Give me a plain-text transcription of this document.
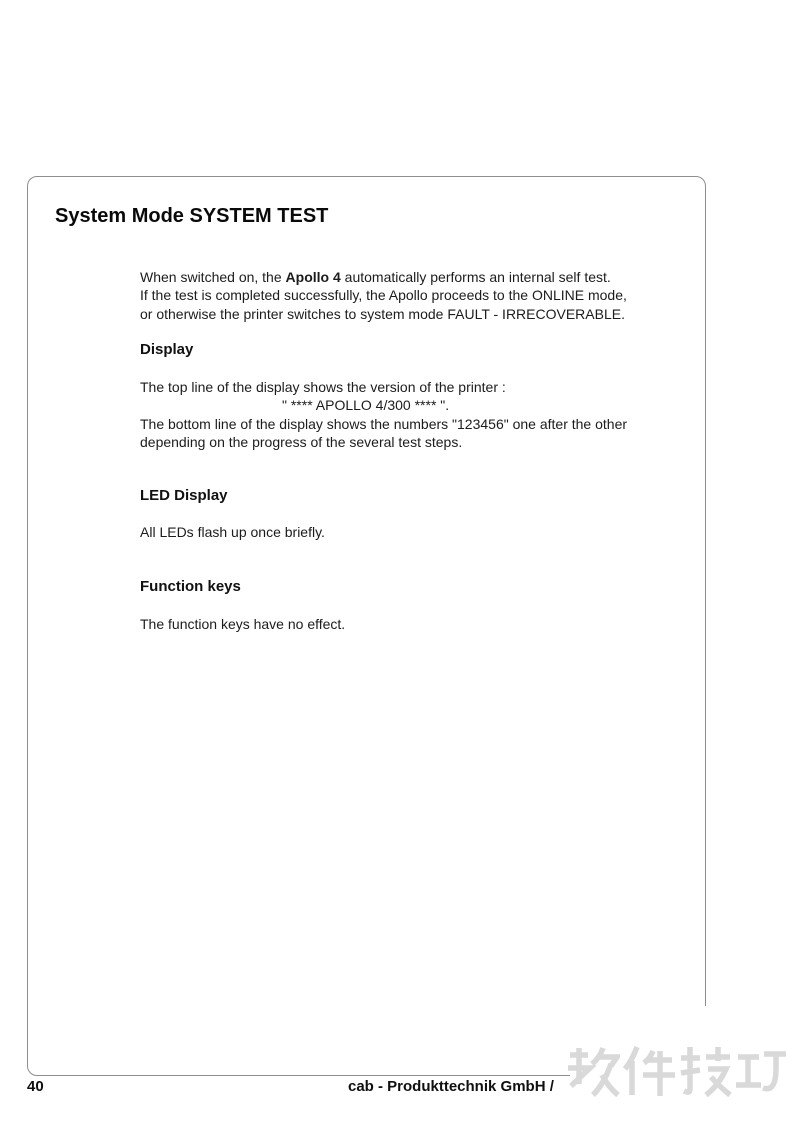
System Mode SYSTEM TEST
When switched on, the Apollo 4 automatically performs an internal self test.
If the test is completed successfully, the Apollo proceeds to the ONLINE mode,
or otherwise the printer switches to system mode FAULT - IRRECOVERABLE.
Display
The top line of the display shows the version of the printer :
" **** APOLLO 4/300 **** ".
The bottom line of the display shows the numbers "123456" one after the other
depending on the progress of the several test steps.
LED Display
All LEDs flash up once briefly.
Function keys
The function keys have no effect.
40	cab - Produkttechnik GmbH /
